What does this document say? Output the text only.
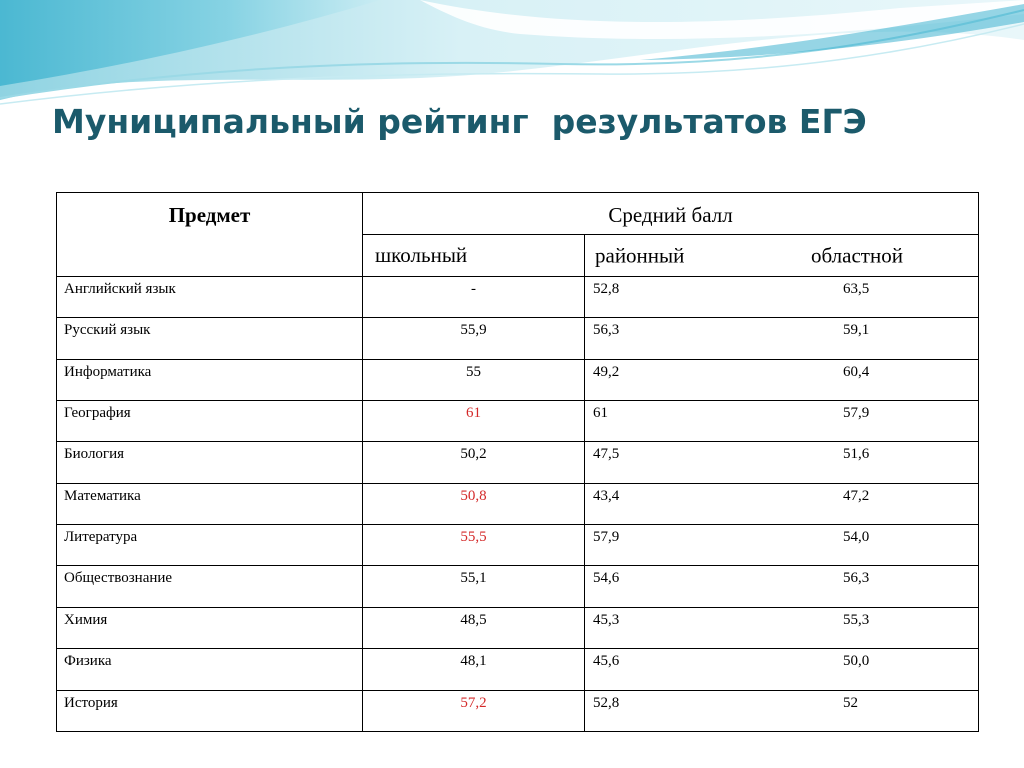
Муниципальный рейтинг  результатов ЕГЭ
Предмет	Средний балл	
	школьный	районный областной

Английский язык	-	52,8 63,5

Русский язык	55,9	56,3 59,1

Информатика	55	49,2 60,4

География	61	61 57,9

Биология	50,2	47,5 51,6

Математика	50,8	43,4 47,2

Литература	55,5	57,9 54,0

Обществознание	55,1	54,6 56,3

Химия	48,5	45,3 55,3

Физика	48,1	45,6 50,0

История	57,2	52,8 52
